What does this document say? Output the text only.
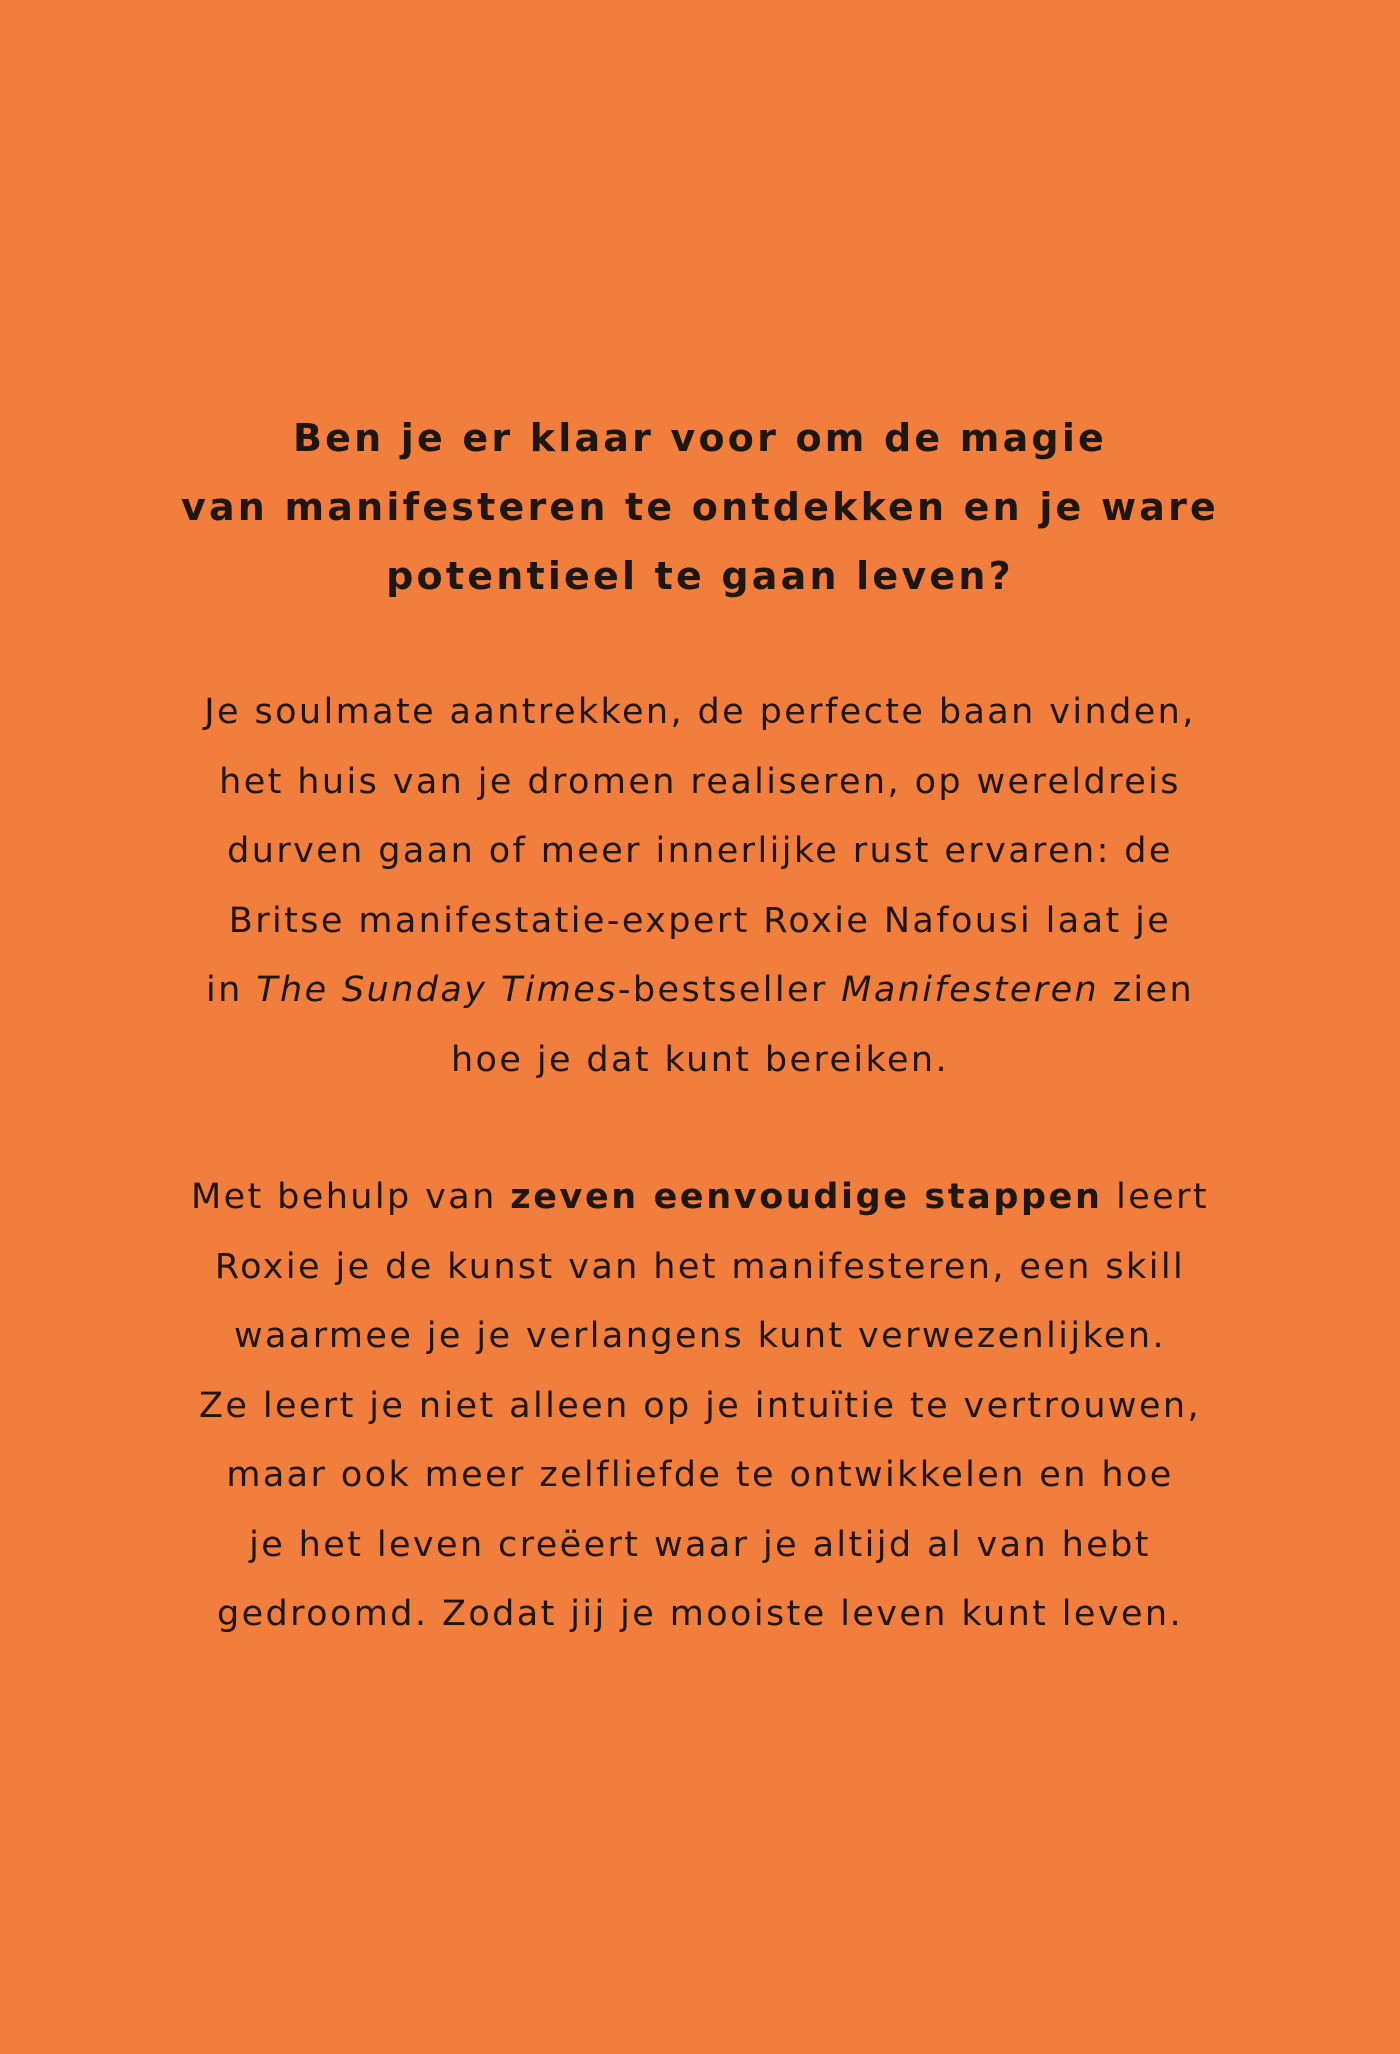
Ben je er klaar voor om de magie
van manifesteren te ontdekken en je ware
potentieel te gaan leven?
Je soulmate aantrekken, de perfecte baan vinden,
het huis van je dromen realiseren, op wereldreis
durven gaan of meer innerlijke rust ervaren: de
Britse manifestatie-expert Roxie Nafousi laat je
in The Sunday Times-bestseller Manifesteren zien
hoe je dat kunt bereiken.
Met behulp van zeven eenvoudige stappen leert
Roxie je de kunst van het manifesteren, een skill
waarmee je je verlangens kunt verwezenlijken.
Ze leert je niet alleen op je intuïtie te vertrouwen,
maar ook meer zelfliefde te ontwikkelen en hoe
je het leven creëert waar je altijd al van hebt
gedroomd. Zodat jij je mooiste leven kunt leven.
